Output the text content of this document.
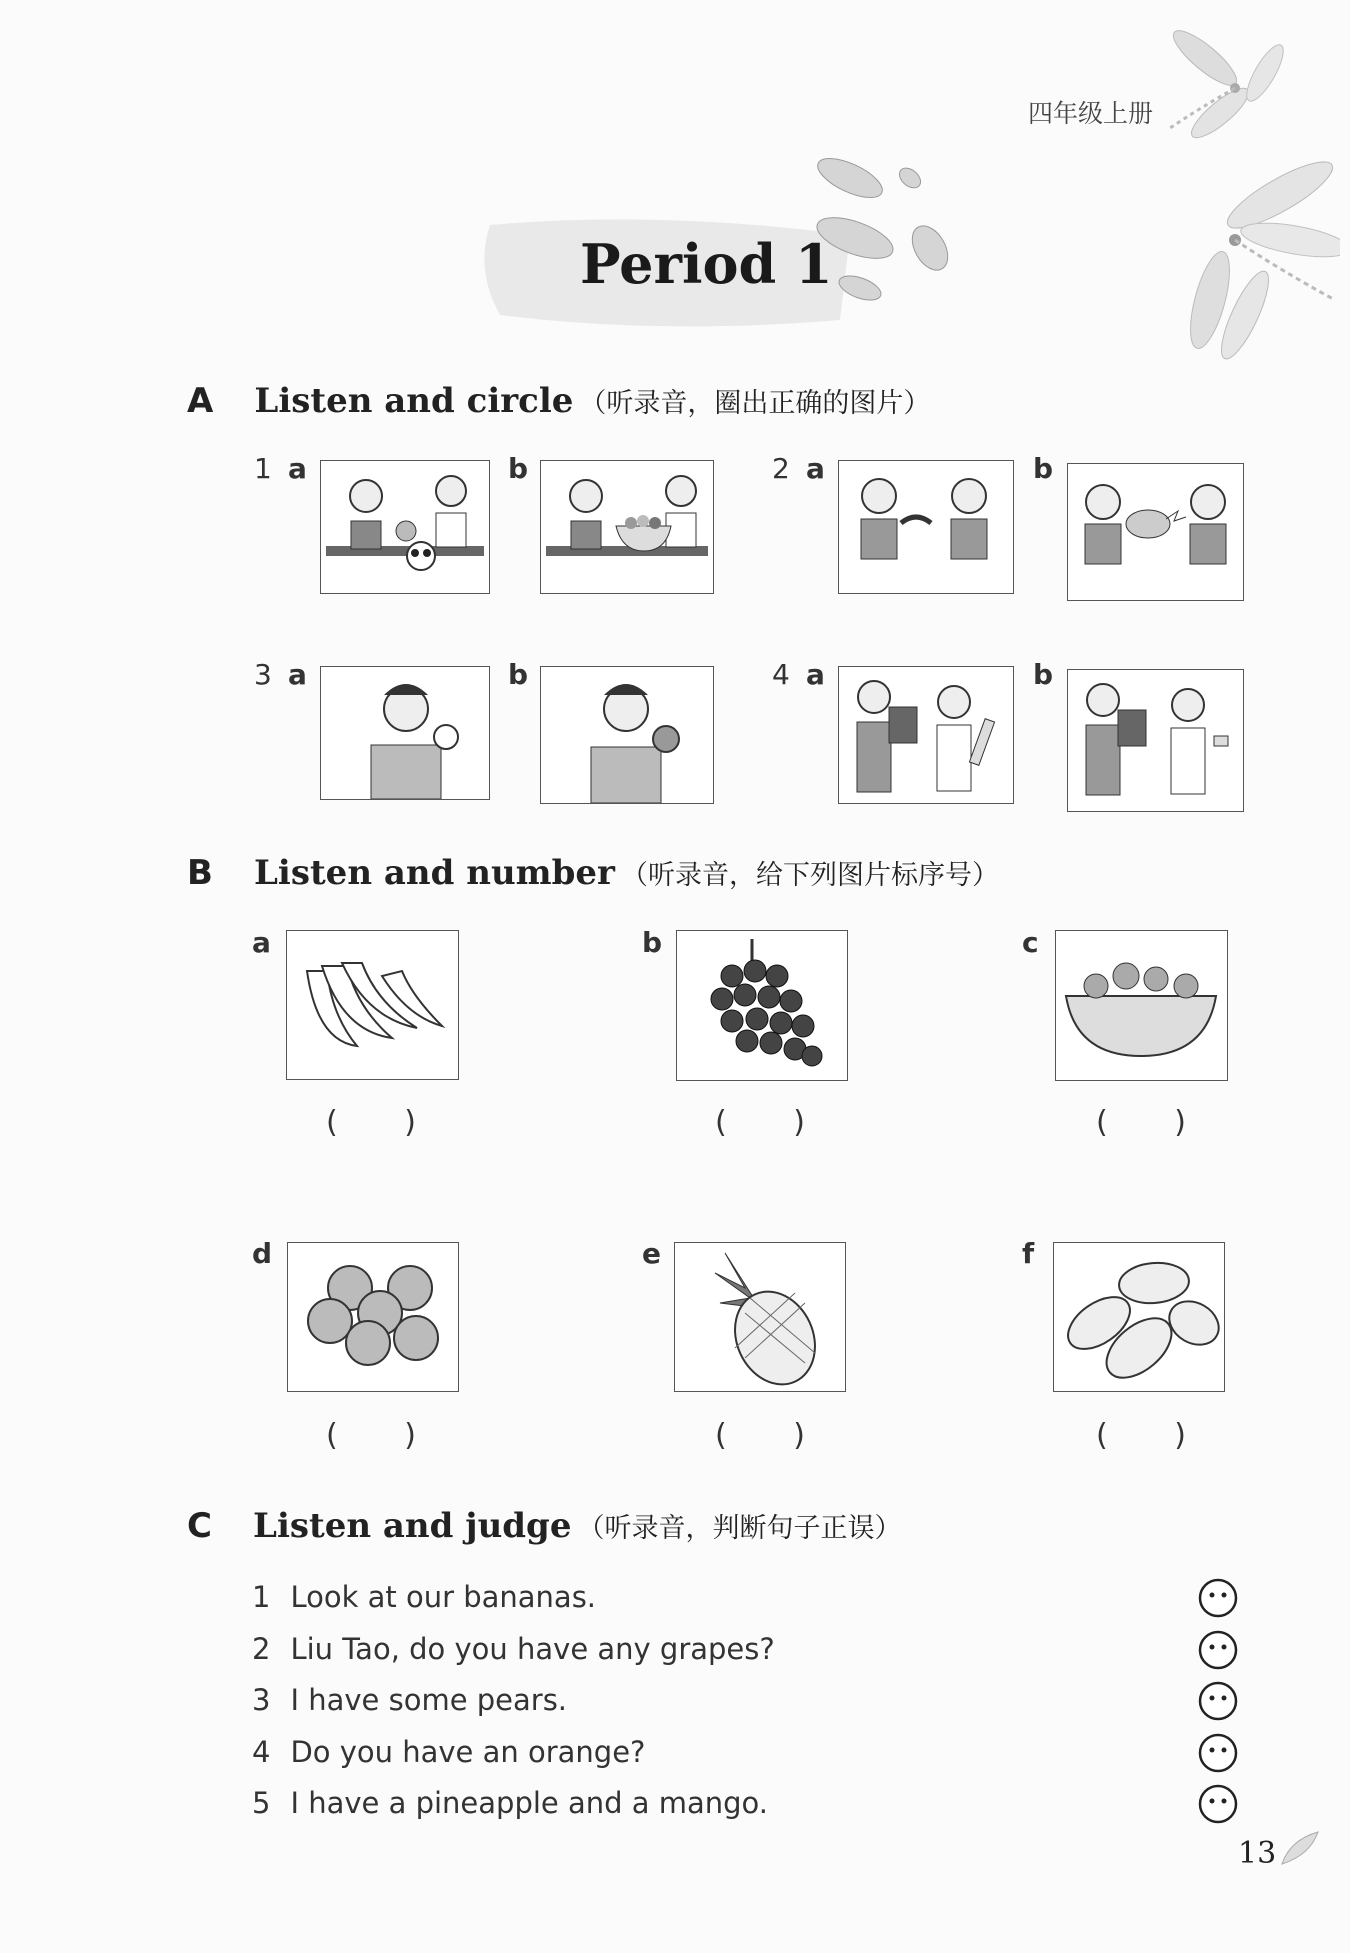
四年级上册
Period 1
A Listen and circle （听录音，圈出正确的图片）
1 a	b	2 a	b
3 a	b	4 a	b
B Listen and number （听录音，给下列图片标序号）
a	b	c
( )	( )	( )
d	e	f
( )	( )	( )
C Listen and judge （听录音，判断句子正误）
1 Look at our bananas.
2 Liu Tao, do you have any grapes?
3 I have some pears.
4 Do you have an orange?
5 I have a pineapple and a mango.
13
